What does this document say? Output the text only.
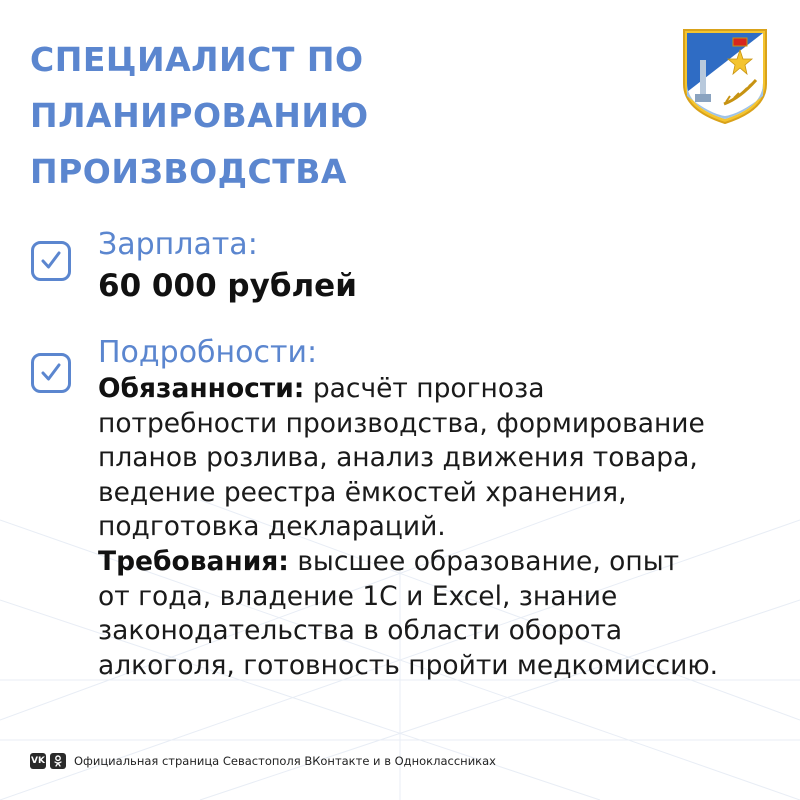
СПЕЦИАЛИСТ ПО
ПЛАНИРОВАНИЮ
ПРОИЗВОДСТВА

Зарплата:

60 000 рублей

Подробности:

Обязанности: расчёт прогноза
потребности производства, формирование
планов розлива, анализ движения товара,
ведение реестра ёмкостей хранения,
подготовка деклараций.
Требования: высшее образование, опыт
от года, владение 1С и Excel, знание
законодательства в области оборота
алкоголя, готовность пройти медкомиссию.
VK	Официальная страница Севастополя ВКонтакте и в Одноклассниках
